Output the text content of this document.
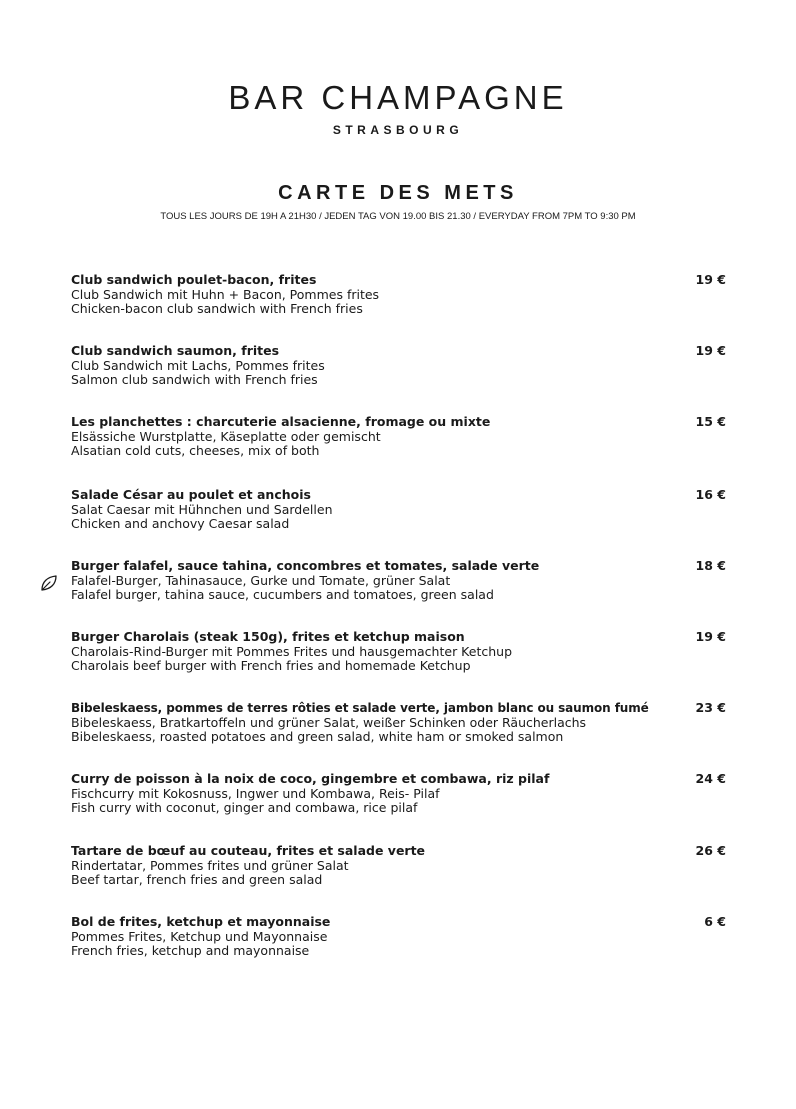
BAR CHAMPAGNE
STRASBOURG
CARTE DES METS
TOUS LES JOURS DE 19H A 21H30 / JEDEN TAG VON 19.00 BIS 21.30 / EVERYDAY FROM 7PM TO 9:30 PM
Club sandwich poulet-bacon, frites
Club Sandwich mit Huhn + Bacon, Pommes frites
Chicken-bacon club sandwich with French fries
19 €
Club sandwich saumon, frites
Club Sandwich mit Lachs, Pommes frites
Salmon club sandwich with French fries
19 €
Les planchettes : charcuterie alsacienne, fromage ou mixte
Elsässiche Wurstplatte, Käseplatte oder gemischt
Alsatian cold cuts, cheeses, mix of both
15 €
Salade César au poulet et anchois
Salat Caesar mit Hühnchen und Sardellen
Chicken and anchovy Caesar salad
16 €
Burger falafel, sauce tahina, concombres et tomates, salade verte
Falafel-Burger, Tahinasauce, Gurke und Tomate, grüner Salat
Falafel burger, tahina sauce, cucumbers and tomatoes, green salad
18 €
Burger Charolais (steak 150g), frites et ketchup maison
Charolais-Rind-Burger mit Pommes Frites und hausgemachter Ketchup
Charolais beef burger with French fries and homemade Ketchup
19 €
Bibeleskaess, pommes de terres rôties et salade verte, jambon blanc ou saumon fumé
Bibeleskaess, Bratkartoffeln und grüner Salat, weißer Schinken oder Räucherlachs
Bibeleskaess, roasted potatoes and green salad, white ham or smoked salmon
23 €
Curry de poisson à la noix de coco, gingembre et combawa, riz pilaf
Fischcurry mit Kokosnuss, Ingwer und Kombawa, Reis- Pilaf
Fish curry with coconut, ginger and combawa, rice pilaf
24 €
Tartare de bœuf au couteau, frites et salade verte
Rindertatar, Pommes frites und grüner Salat
Beef tartar, french fries and green salad
26 €
Bol de frites, ketchup et mayonnaise
Pommes Frites, Ketchup und Mayonnaise
French fries, ketchup and mayonnaise
6 €
